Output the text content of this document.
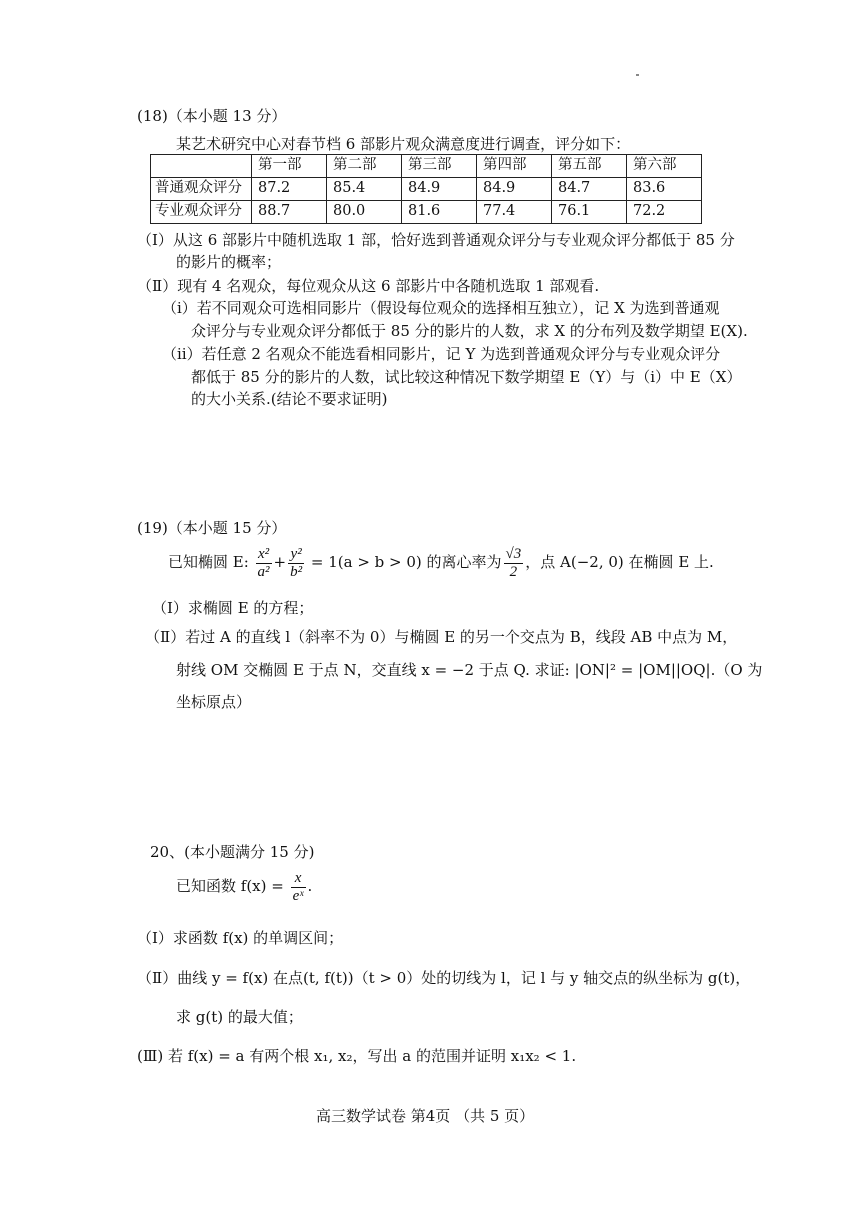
(18)（本小题 13 分）
某艺术研究中心对春节档 6 部影片观众满意度进行调查，评分如下：
	第一部	第二部	第三部	第四部	第五部	第六部
普通观众评分	87.2	85.4	84.9	84.9	84.7	83.6
专业观众评分	88.7	80.0	81.6	77.4	76.1	72.2
（Ⅰ）从这 6 部影片中随机选取 1 部，恰好选到普通观众评分与专业观众评分都低于 85 分
的影片的概率；
（Ⅱ）现有 4 名观众，每位观众从这 6 部影片中各随机选取 1 部观看.
（ⅰ）若不同观众可选相同影片（假设每位观众的选择相互独立），记 X 为选到普通观
众评分与专业观众评分都低于 85 分的影片的人数，求 X 的分布列及数学期望 E(X).
（ⅱ）若任意 2 名观众不能选看相同影片，记 Y 为选到普通观众评分与专业观众评分
都低于 85 分的影片的人数，试比较这种情况下数学期望 E（Y）与（ⅰ）中 E（X）
的大小关系.(结论不要求证明)
(19)（本小题 15 分）
已知椭圆 E: $\frac{\text{x²}}{\text{a²}} + \frac{\text{y²}}{\text{b²}} = 1(a > b > 0)$ 的离心率为 $\frac{√3}{2}$ ，点 A(−2, 0) 在椭圆 E 上.
（Ⅰ）求椭圆 E 的方程；
（Ⅱ）若过 A 的直线 l（斜率不为 0）与椭圆 E 的另一个交点为 B，线段 AB 中点为 M，
射线 OM 交椭圆 E 于点 N，交直线 x = −2 于点 Q. 求证: |ON|² = |OM||OQ|.（O 为
坐标原点）
20、(本小题满分 15 分)
已知函数 $f(x) = \frac{x}{\text{eˣ}}$ .
（Ⅰ）求函数 f(x) 的单调区间；
（Ⅱ）曲线 y = f(x) 在点(t, f(t))（t > 0）处的切线为 l，记 l 与 y 轴交点的纵坐标为 g(t)，
求 g(t) 的最大值；
(Ⅲ) 若 f(x) = a 有两个根 x₁, x₂，写出 a 的范围并证明 x₁x₂ < 1.
高三数学试卷 第4页 （共 5 页）
